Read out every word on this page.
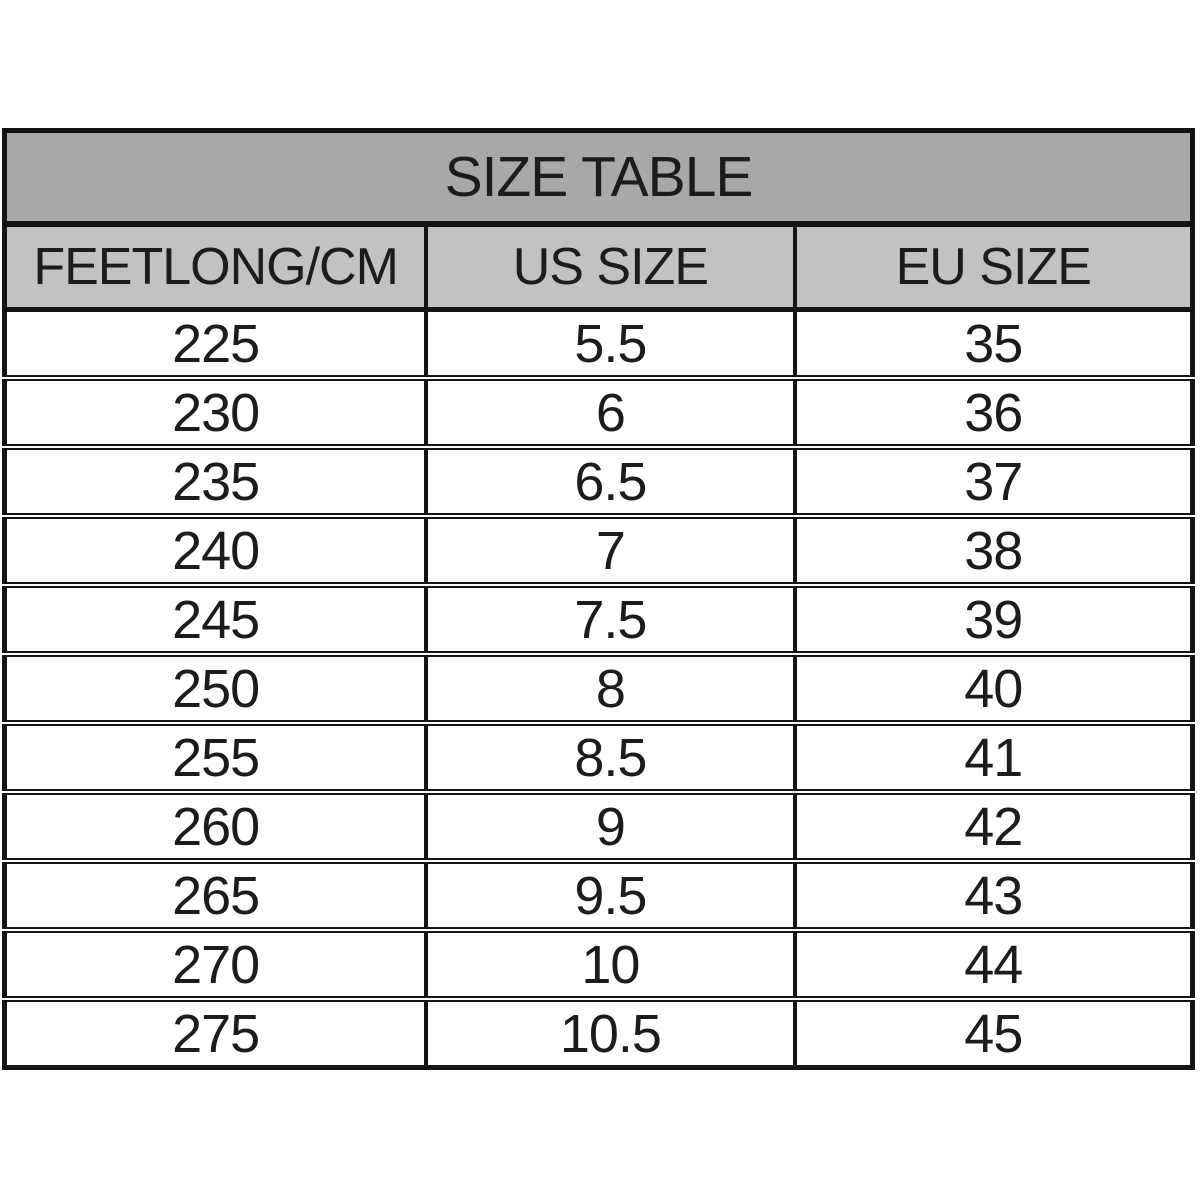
SIZE TABLE		
FEETLONG/CM	US SIZE	EU SIZE
225	5.5	35
230	6	36
235	6.5	37
240	7	38
245	7.5	39
250	8	40
255	8.5	41
260	9	42
265	9.5	43
270	10	44
275	10.5	45
